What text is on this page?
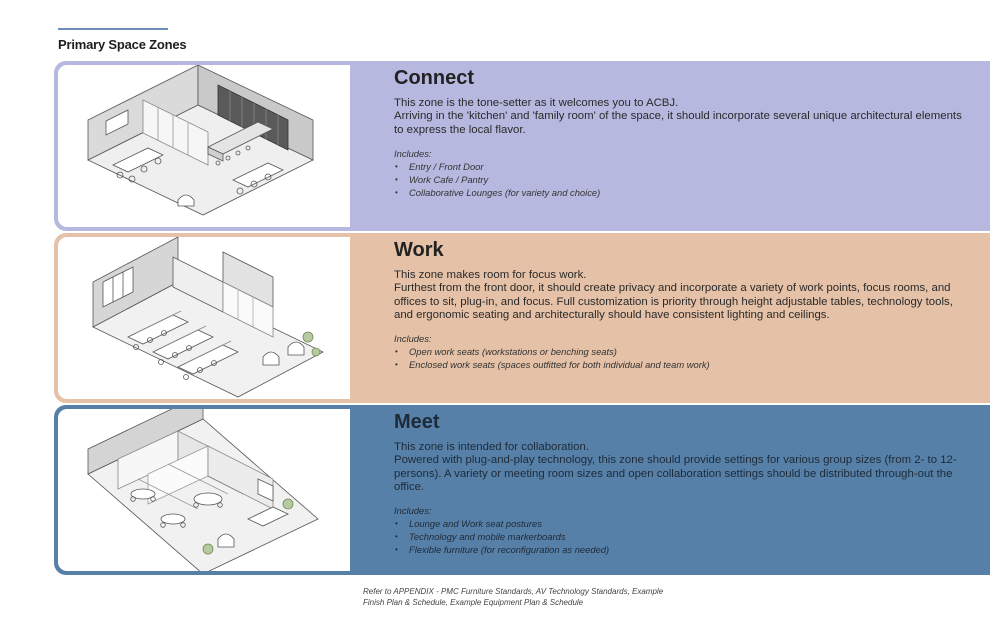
Primary Space Zones
Connect

This zone is the tone-setter as it welcomes you to ACBJ.

Arriving in the 'kitchen' and 'family room' of the space, it should incorporate several unique architectural elements to express the local flavor.

Includes:
• Entry / Front Door
• Work Cafe / Pantry
• Collaborative Lounges (for variety and choice)
Work

This zone makes room for focus work.

Furthest from the front door, it should create privacy and incorporate a variety of work points, focus rooms, and offices to sit, plug-in, and focus. Full customization is priority through height adjustable tables, technology tools, and ergonomic seating and architecturally should have consistent lighting and ceilings.

Includes:
• Open work seats (workstations or benching seats)
• Enclosed work seats (spaces outfitted for both individual and team work)
Meet

This zone is intended for collaboration.

Powered with plug-and-play technology, this zone should provide settings for various group sizes (from 2- to 12-persons). A variety or meeting room sizes and open collaboration settings should be distributed through-out the office.

Includes:
• Lounge and Work seat postures
• Technology and mobile markerboards
• Flexible furniture (for reconfiguration as needed)

Refer to APPENDIX - PMC Furniture Standards, AV Technology Standards, Example

Finish Plan & Schedule, Example Equipment Plan & Schedule
